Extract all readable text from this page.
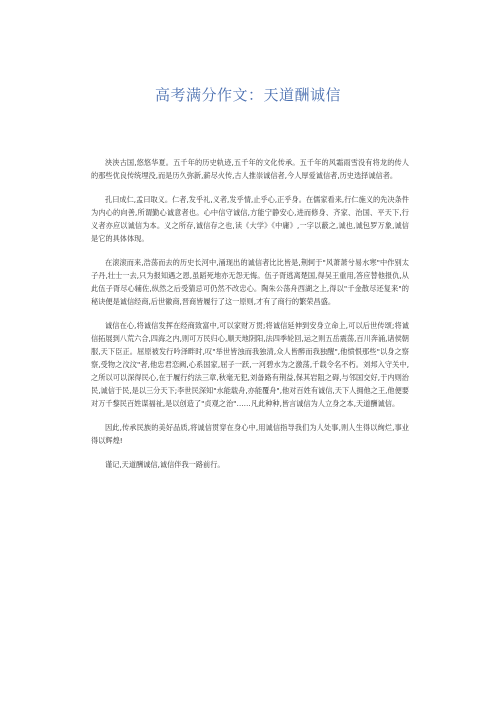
高考满分作文：天道酬诚信

泱泱古国,悠悠华夏。五千年的历史轨迹,五千年的文化传承。五千年的风霜雨雪没有将龙的传人的那些优良传统埋没,而是历久弥新,薪尽火传,古人推崇诚信者,今人厚爱诚信者,历史选择诚信者。

孔曰成仁,孟曰取义。仁者,发乎礼,义者,发乎情,止乎心,正乎身。在儒家看来,行仁施义的先决条件为内心的向善,所谓勤心诚意者也。心中信守诚信,方能宁静安心,进而修身、齐家、治国、平天下,行义者亦应以诚信为本。义之所存,诚信存之也,读《大学》《中庸》,一字以蔽之,诚也,诚包罗万象,诚信是它的具体体现。

在滚滚而来,浩荡而去的历史长河中,涌现出的诚信者比比皆是,荆轲于"风萧萧兮易水寒"中作别太子丹,壮士一去,只为报知遇之恩,虽蹈死地亦无怨无悔。伍子胥逃离楚国,得吴王重用,答应替他报仇,从此伍子胥尽心辅佐,纵然之后受猜忌可仍然不改忠心。陶朱公荡舟西湖之上,得以"千金散尽还复来"的秘诀便是诚信经商,后世徽商,晋商皆履行了这一原则,才有了商行的繁荣昌盛。

诚信在心,将诚信发挥在经商致富中,可以家财万贯;将诚信延伸到安身立命上,可以后世传颂;将诚信拓展到八荒六合,四海之内,则可万民归心,顺天地阴阳,法四季轮回,运之则五岳震荡,百川奔涌,诸侯朝服,天下臣正。屈原被发行吟泽畔时,叹"举世皆浊而我独清,众人皆醉而我独醒",他愤恨那些"以身之察察,受物之汶汶"者,他忠君恋阙,心系国家,屈子一跃,一河碧水为之激荡,千载令名不朽。刘邦入守关中,之所以可以深得民心,在于履行约法三章,秋毫无犯,刘备路有荆益,保其岩阻之碍,与邻国交好,于内则治民,诚信于民,是以三分天下;李世民深知"水能载舟,亦能覆舟",他对百姓有诚信,天下人拥他之王,他便要对万千黎民百姓谋福祉,是以创造了"贞观之治"……凡此种种,皆言诚信为人立身之本,天道酬诚信。

因此,传承民族的美好品质,将诚信贯穿在身心中,用诚信指导我们为人处事,则人生得以绚烂,事业得以辉煌!

谨记,天道酬诚信,诚信伴我一路前行。
